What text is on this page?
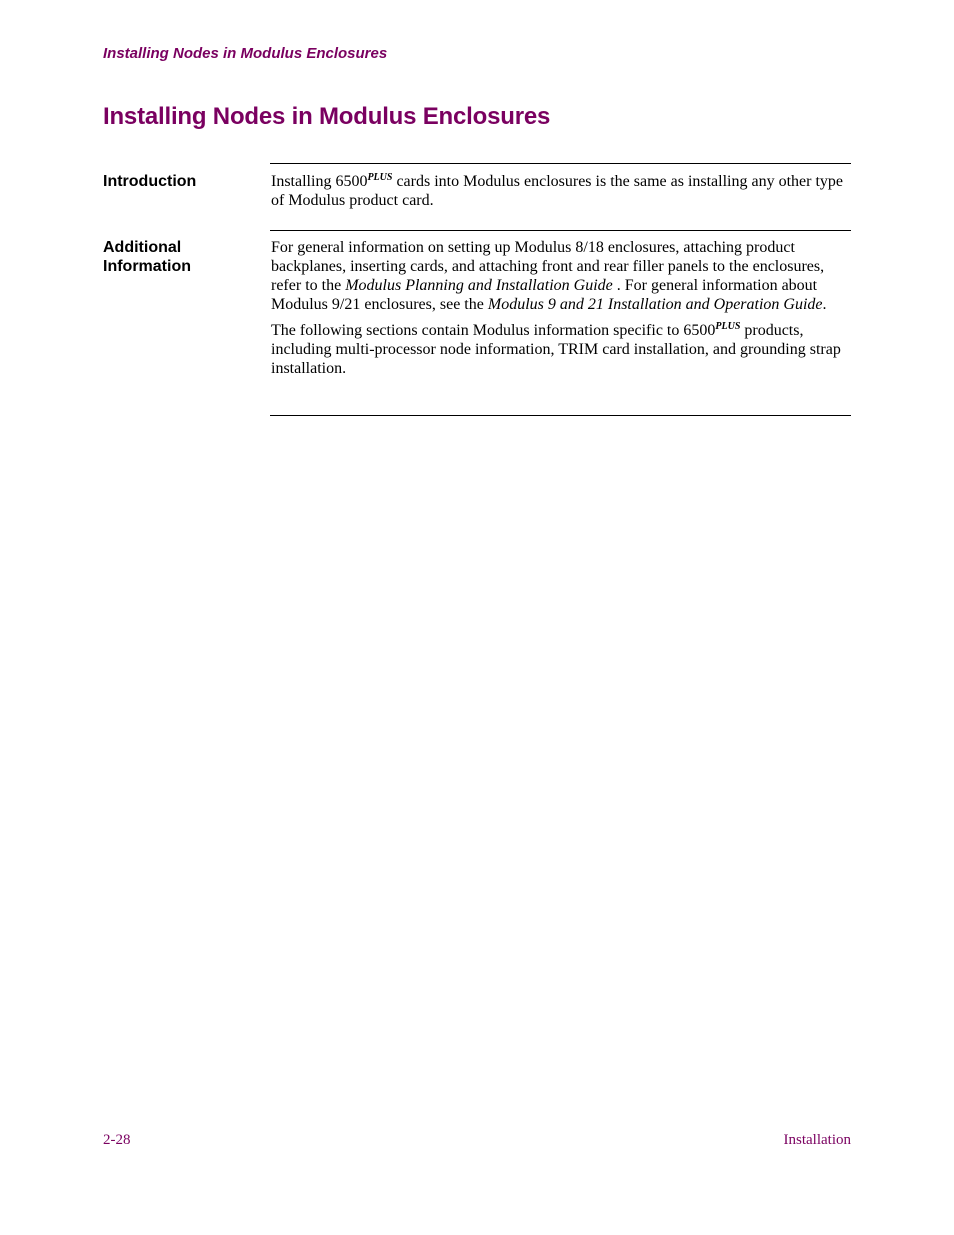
Installing Nodes in Modulus Enclosures
Installing Nodes in Modulus Enclosures
Introduction	Installing $6500^{PLUS}$ cards into Modulus enclosures is the same as installing any other type of Modulus product card.

Additional
Information

For general information on setting up Modulus 8/18 enclosures, attaching product backplanes, inserting cards, and attaching front and rear filler panels to the enclosures, refer to the Modulus Planning and Installation Guide . For general information about Modulus 9/21 enclosures, see the Modulus 9 and 21 Installation and Operation Guide.

The following sections contain Modulus information specific to $6500^{PLUS}$ products, including multi-processor node information, TRIM card installation, and grounding strap installation.

2-28	Installation
